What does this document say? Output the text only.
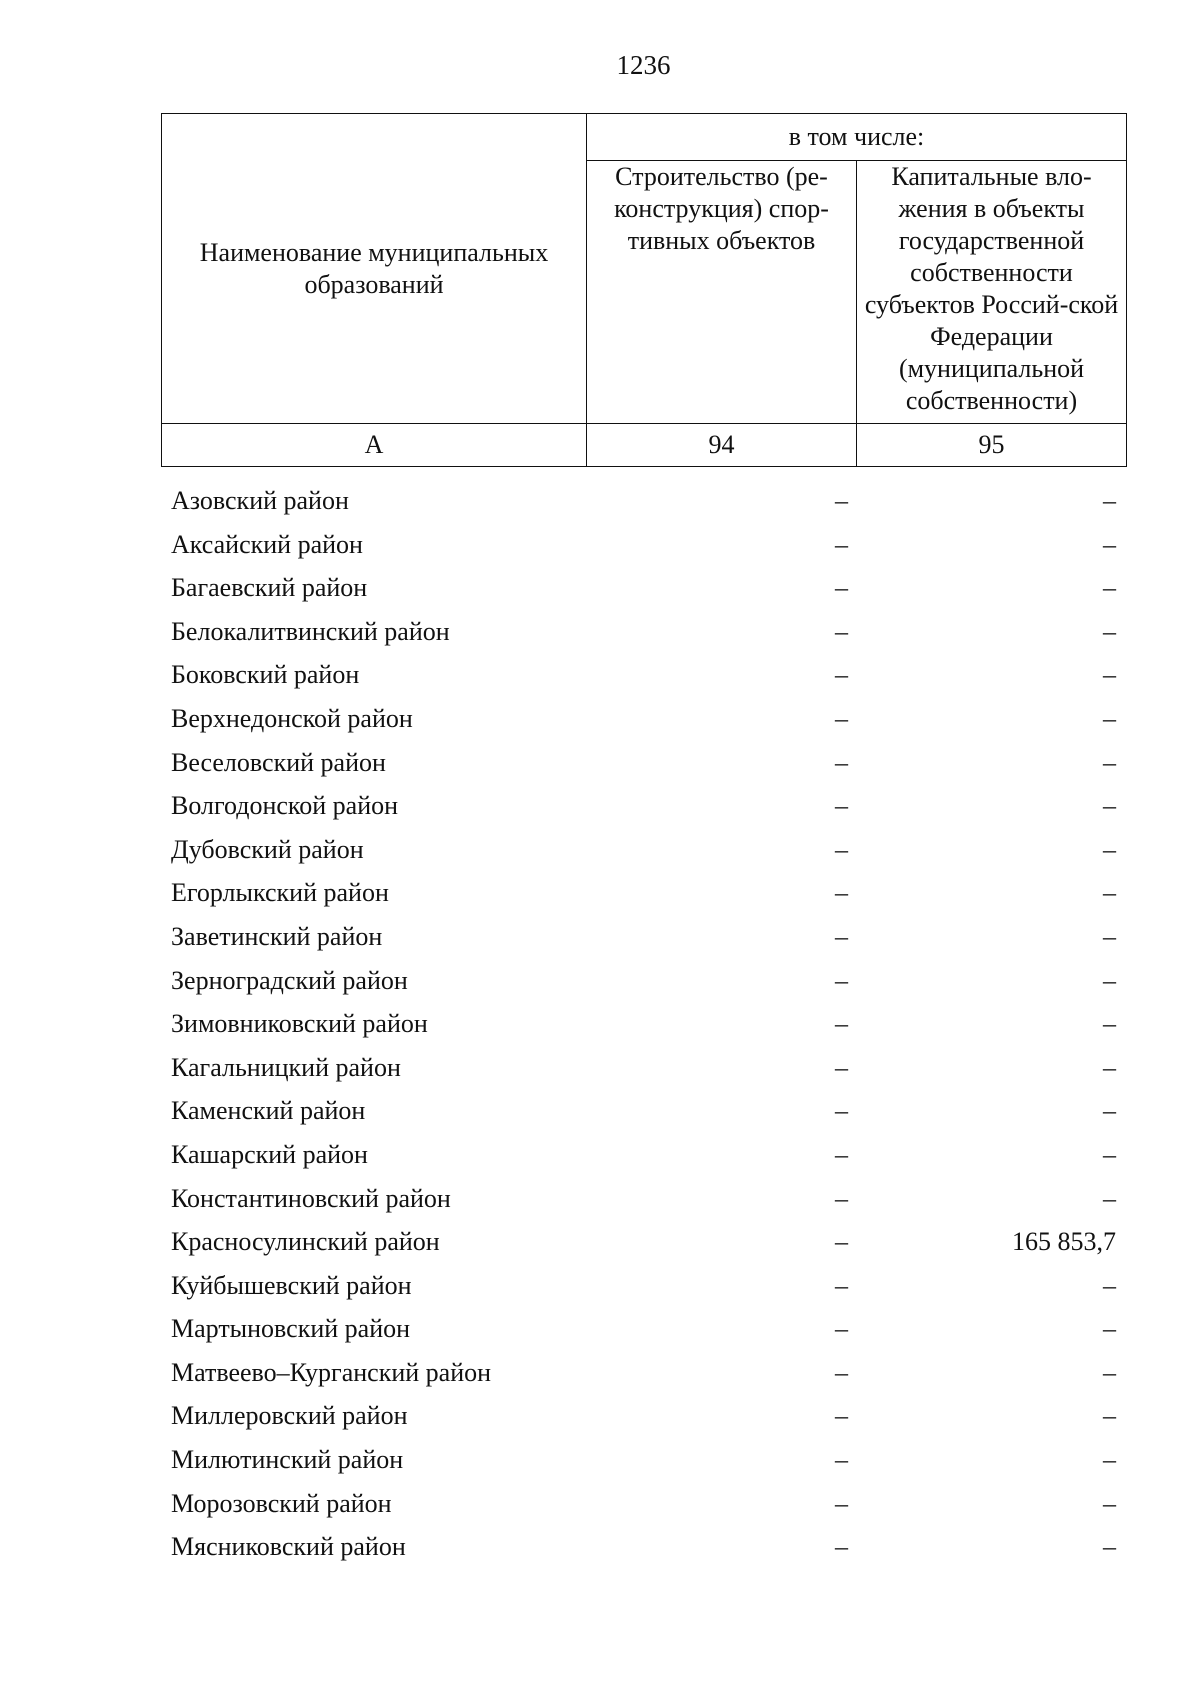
1236
Наименование муниципальных образований	в том числе:	
	Строительство (ре-конструкция) спор-тивных объектов	Капитальные вло-жения в объекты государственной собственности субъектов Россий-ской Федерации (муниципальной собственности)
А	94	95
Азовский район	–	–
Аксайский район	–	–
Багаевский район	–	–
Белокалитвинский район	–	–
Боковский район	–	–
Верхнедонской район	–	–
Веселовский район	–	–
Волгодонской район	–	–
Дубовский район	–	–
Егорлыкский район	–	–
Заветинский район	–	–
Зерноградский район	–	–
Зимовниковский район	–	–
Кагальницкий район	–	–
Каменский район	–	–
Кашарский район	–	–
Константиновский район	–	–
Красносулинский район	–	165 853,7
Куйбышевский район	–	–
Мартыновский район	–	–
Матвеево–Курганский район	–	–
Миллеровский район	–	–
Милютинский район	–	–
Морозовский район	–	–
Мясниковский район	–	–
